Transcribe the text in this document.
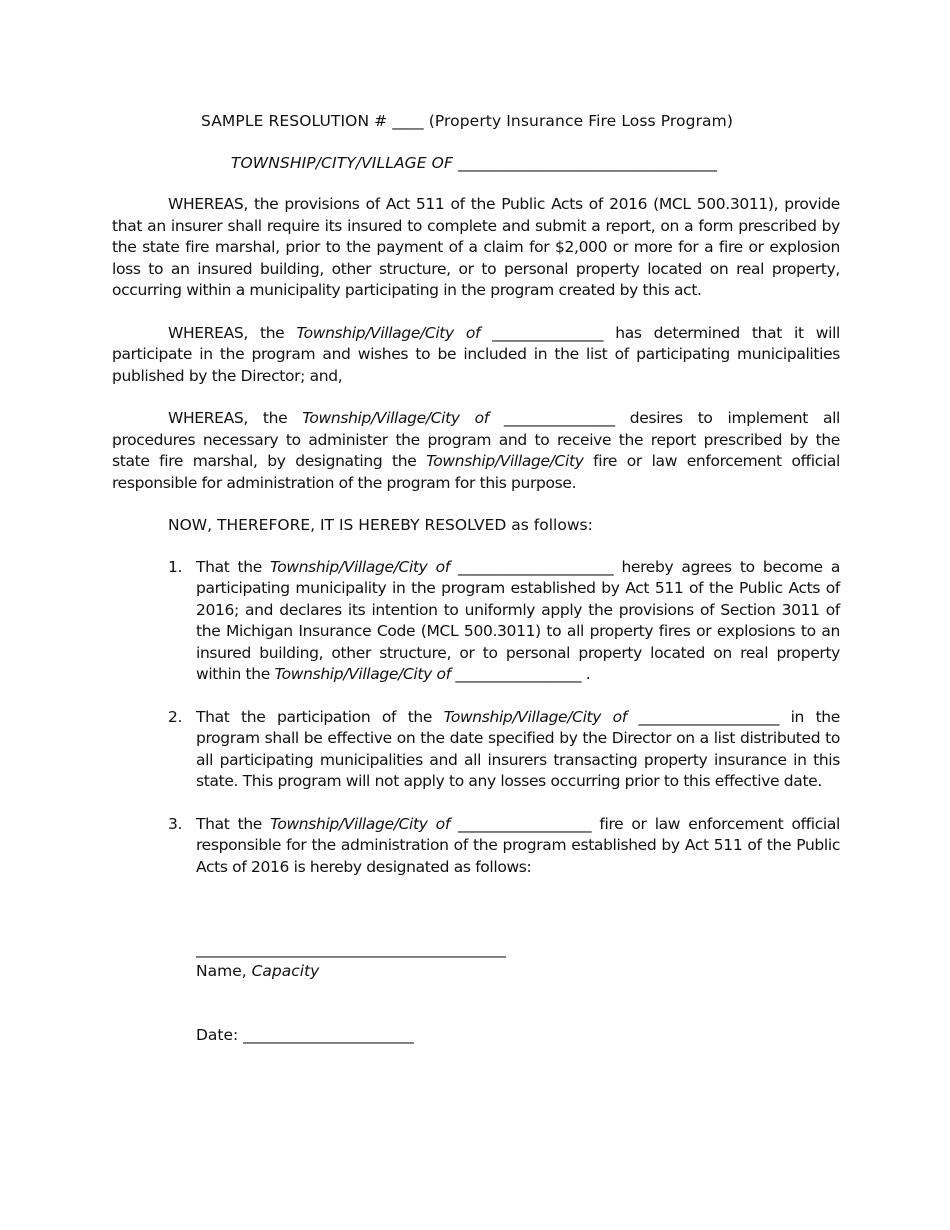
SAMPLE RESOLUTION # ____ (Property Insurance Fire Loss Program)

TOWNSHIP/CITY/VILLAGE OF _________________________________

WHEREAS, the provisions of Act 511 of the Public Acts of 2016 (MCL 500.3011), provide that an insurer shall require its insured to complete and submit a report, on a form prescribed by the state fire marshal, prior to the payment of a claim for $2,000 or more for a fire or explosion loss to an insured building, other structure, or to personal property located on real property, occurring within a municipality participating in the program created by this act.

WHEREAS, the Township/Village/City of _______________ has determined that it will participate in the program and wishes to be included in the list of participating municipalities published by the Director; and,

WHEREAS, the Township/Village/City of _______________ desires to implement all procedures necessary to administer the program and to receive the report prescribed by the state fire marshal, by designating the Township/Village/City fire or law enforcement official responsible for administration of the program for this purpose.

NOW, THEREFORE, IT IS HEREBY RESOLVED as follows:

1. That the Township/Village/City of _____________________ hereby agrees to become a participating municipality in the program established by Act 511 of the Public Acts of 2016; and declares its intention to uniformly apply the provisions of Section 3011 of the Michigan Insurance Code (MCL 500.3011) to all property fires or explosions to an insured building, other structure, or to personal property located on real property within the Township/Village/City of _________________ .
2. That the participation of the Township/Village/City of ___________________ in the program shall be effective on the date specified by the Director on a list distributed to all participating municipalities and all insurers transacting property insurance in this state. This program will not apply to any losses occurring prior to this effective date.
3. That the Township/Village/City of __________________ fire or law enforcement official responsible for the administration of the program established by Act 511 of the Public Acts of 2016 is hereby designated as follows:
________________________________________
Name, Capacity
Date: ______________________
